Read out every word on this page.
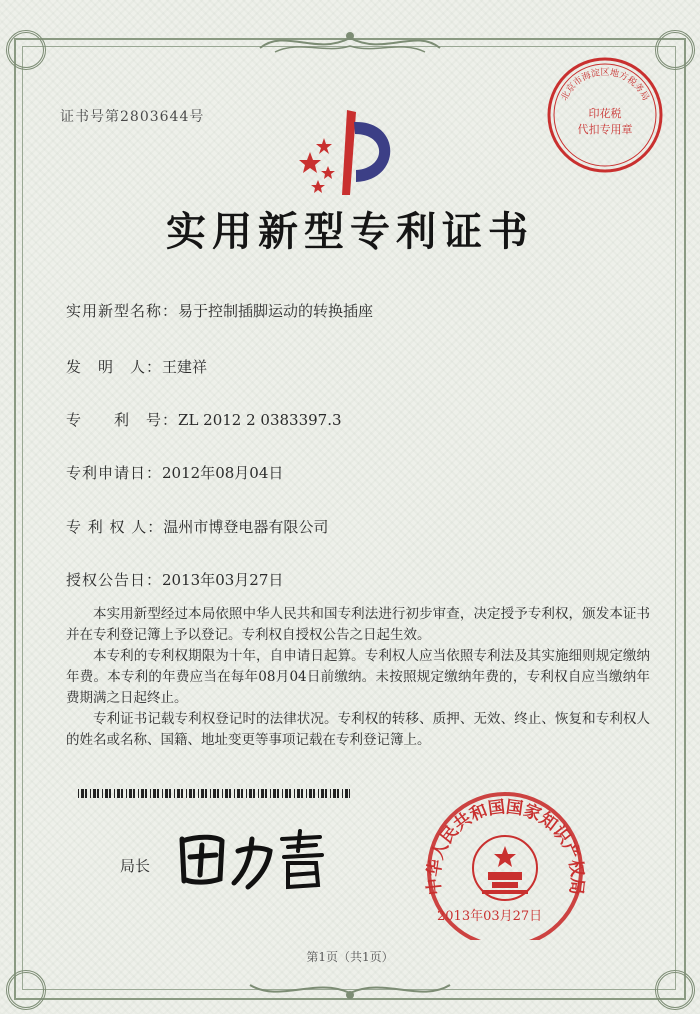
证书号第2803644号
实用新型专利证书
实用新型名称：易于控制插脚运动的转换插座
发　明　人：王建祥
专　　利　号：ZL 2012 2 0383397.3
专利申请日：2012年08月04日
专 利 权 人：温州市博登电器有限公司
授权公告日：2013年03月27日

本实用新型经过本局依照中华人民共和国专利法进行初步审查，决定授予专利权，颁发本证书并在专利登记簿上予以登记。专利权自授权公告之日起生效。

本专利的专利权期限为十年，自申请日起算。专利权人应当依照专利法及其实施细则规定缴纳年费。本专利的年费应当在每年08月04日前缴纳。未按照规定缴纳年费的，专利权自应当缴纳年费期满之日起终止。

专利证书记载专利权登记时的法律状况。专利权的转移、质押、无效、终止、恢复和专利权人的姓名或名称、国籍、地址变更等事项记载在专利登记簿上。

局长
北京市海淀区地方税务局
印花税
代扣专用章
中华人民共和国国家知识产权局
2013年03月27日
第1页（共1页）
